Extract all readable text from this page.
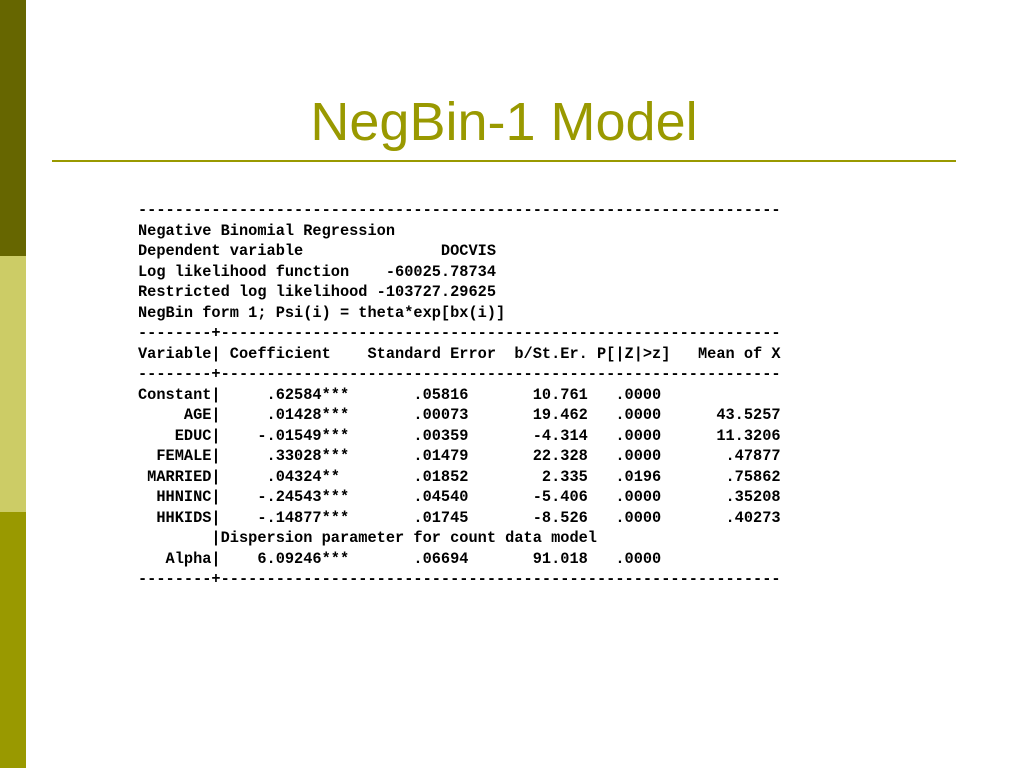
NegBin-1 Model
----------------------------------------------------------------------
Negative Binomial Regression
Dependent variable               DOCVIS
Log likelihood function    -60025.78734
Restricted log likelihood -103727.29625
NegBin form 1; Psi(i) = theta*exp[bx(i)]
--------+-------------------------------------------------------------
Variable| Coefficient    Standard Error  b/St.Er. P[|Z|>z]   Mean of X
--------+-------------------------------------------------------------
Constant|     .62584***       .05816       10.761   .0000
AGE|     .01428***       .00073       19.462   .0000      43.5257
EDUC|    -.01549***       .00359       -4.314   .0000      11.3206
FEMALE|     .33028***       .01479       22.328   .0000       .47877
MARRIED|     .04324**        .01852        2.335   .0196       .75862
HHNINC|    -.24543***       .04540       -5.406   .0000       .35208
HHKIDS|    -.14877***       .01745       -8.526   .0000       .40273
|Dispersion parameter for count data model
Alpha|    6.09246***       .06694       91.018   .0000
--------+-------------------------------------------------------------
